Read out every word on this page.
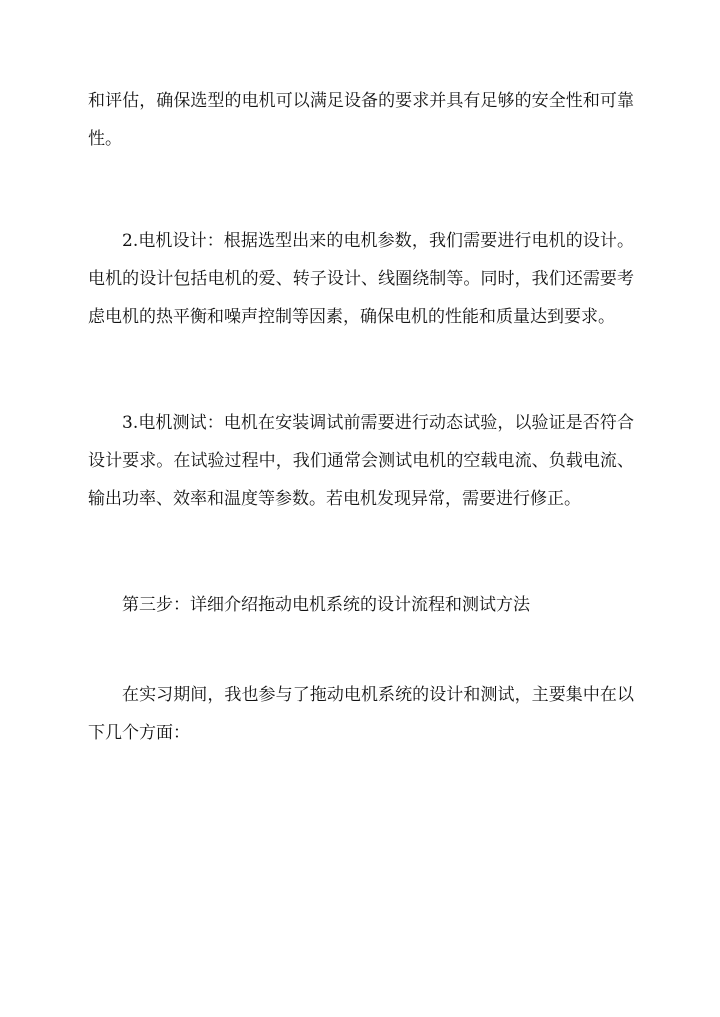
和评估，确保选型的电机可以满足设备的要求并具有足够的安全性和可靠性。

2.电机设计：根据选型出来的电机参数，我们需要进行电机的设计。电机的设计包括电机的爱、转子设计、线圈绕制等。同时，我们还需要考虑电机的热平衡和噪声控制等因素，确保电机的性能和质量达到要求。

3.电机测试：电机在安装调试前需要进行动态试验，以验证是否符合设计要求。在试验过程中，我们通常会测试电机的空载电流、负载电流、输出功率、效率和温度等参数。若电机发现异常，需要进行修正。

第三步：详细介绍拖动电机系统的设计流程和测试方法

在实习期间，我也参与了拖动电机系统的设计和测试，主要集中在以下几个方面：
